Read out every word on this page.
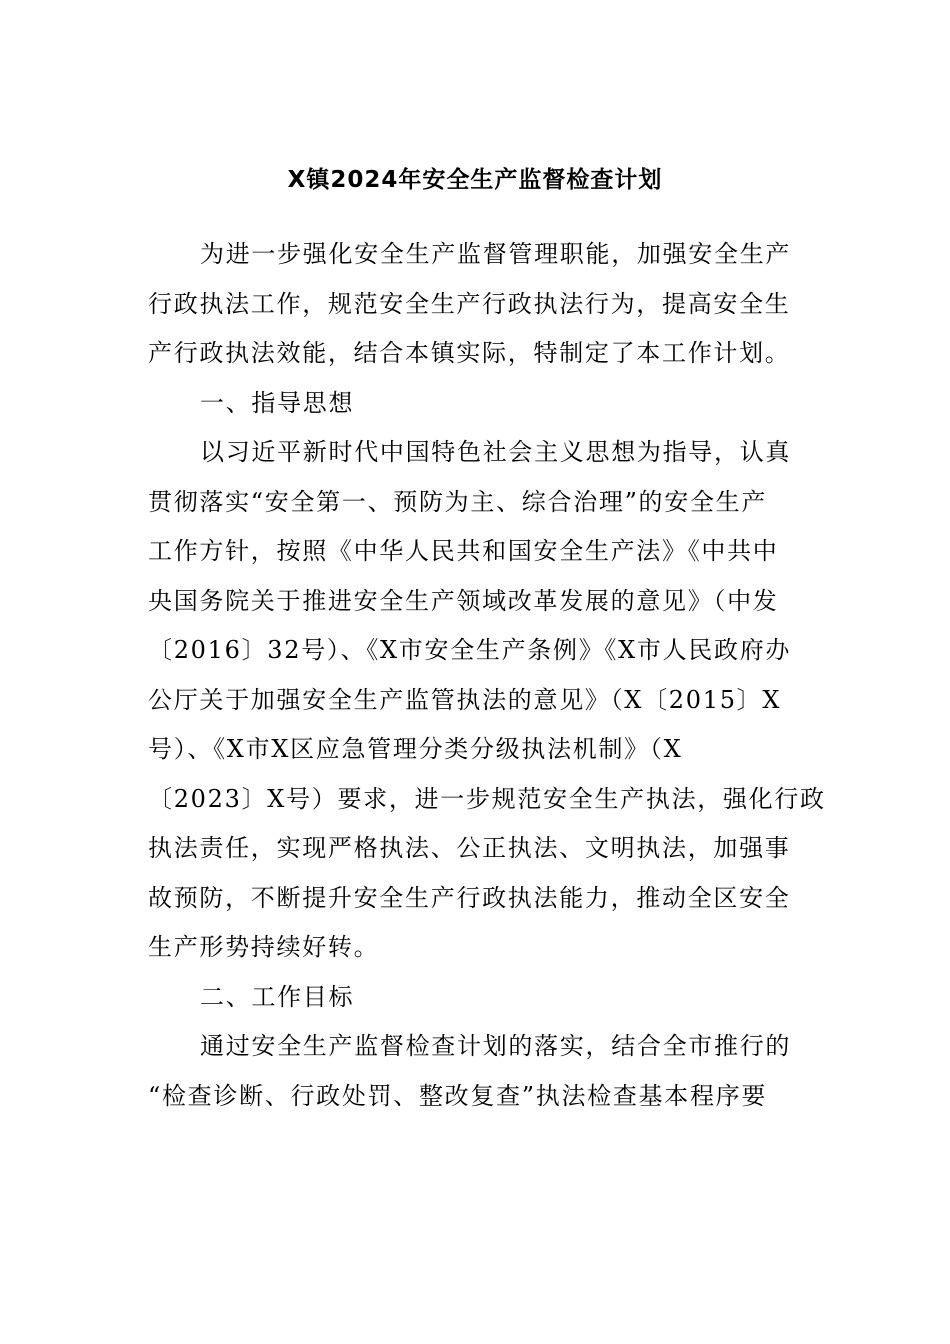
X镇2024年安全生产监督检查计划
为进一步强化安全生产监督管理职能，加强安全生产
行政执法工作，规范安全生产行政执法行为，提高安全生
产行政执法效能，结合本镇实际，特制定了本工作计划。
一、指导思想
以习近平新时代中国特色社会主义思想为指导，认真
贯彻落实“安全第一、预防为主、综合治理”的安全生产
工作方针，按照《中华人民共和国安全生产法》《中共中
央国务院关于推进安全生产领域改革发展的意见》（中发
〔2016〕32号）、《X市安全生产条例》《X市人民政府办
公厅关于加强安全生产监管执法的意见》（X〔2015〕X
号）、《X市X区应急管理分类分级执法机制》（X
〔2023〕X号）要求，进一步规范安全生产执法，强化行政
执法责任，实现严格执法、公正执法、文明执法，加强事
故预防，不断提升安全生产行政执法能力，推动全区安全
生产形势持续好转。
二、工作目标
通过安全生产监督检查计划的落实，结合全市推行的
“检查诊断、行政处罚、整改复查”执法检查基本程序要
